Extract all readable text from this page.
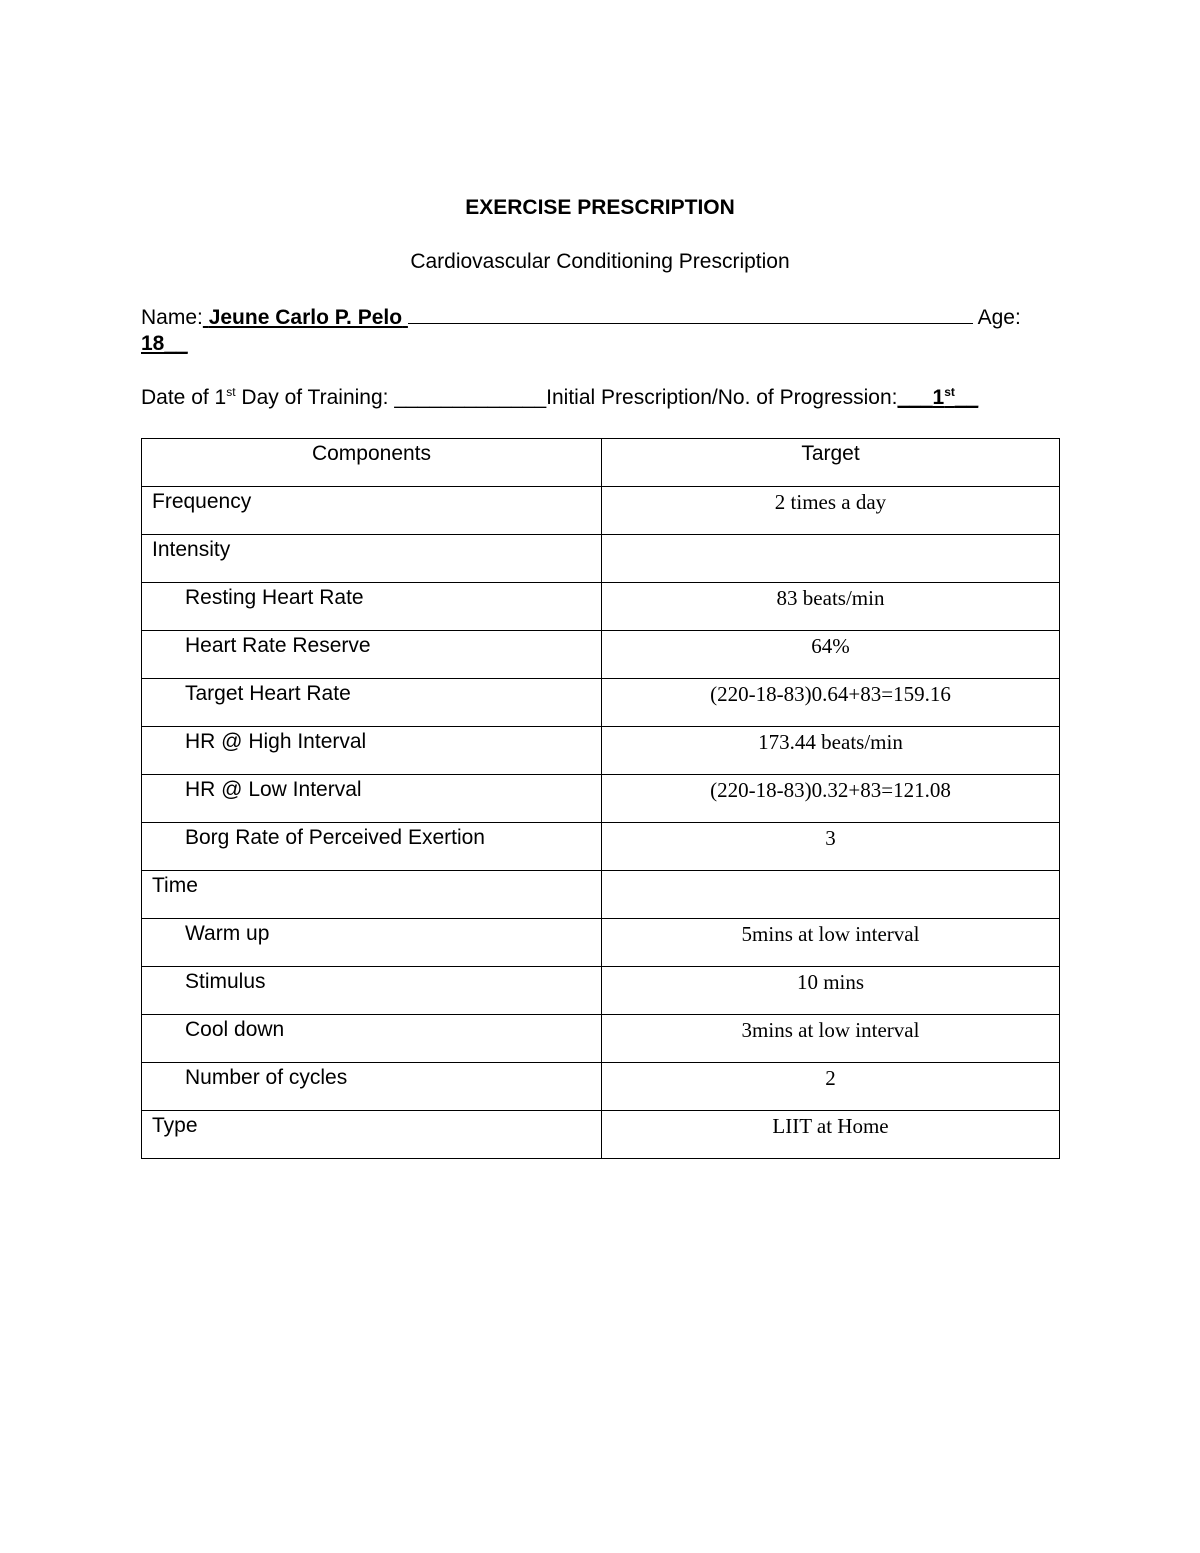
EXERCISE PRESCRIPTION
Cardiovascular Conditioning Prescription
Name: Jeune Carlo P. Pelo	Age:
18__
Date of 1st Day of Training: _____________Initial Prescription/No. of Progression:___1st__
Components	Target
Frequency	2 times a day
Intensity	
Resting Heart Rate	83 beats/min
Heart Rate Reserve	64%
Target Heart Rate	(220-18-83)0.64+83=159.16
HR @ High Interval	173.44 beats/min
HR @ Low Interval	(220-18-83)0.32+83=121.08
Borg Rate of Perceived Exertion	3
Time	
Warm up	5mins at low interval
Stimulus	10 mins
Cool down	3mins at low interval
Number of cycles	2
Type	LIIT at Home
